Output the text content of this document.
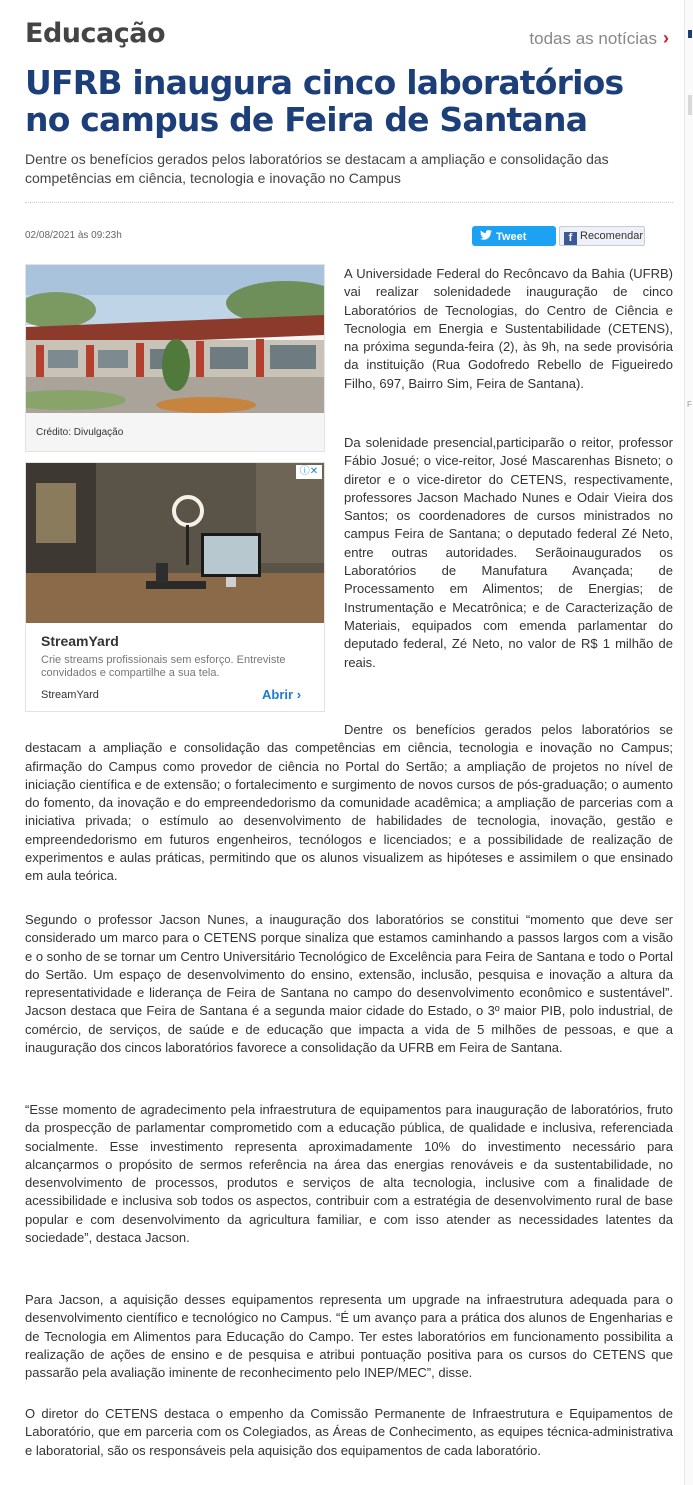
F
Educação	todas as notícias ›
UFRB inaugura cinco laboratórios no campus de Feira de Santana

Dentre os benefícios gerados pelos laboratórios se destacam a ampliação e consolidação das competências em ciência, tecnologia e inovação no Campus

02/08/2021 às 09:23h	Tweet	f Recomendar
Crédito: Divulgação
ⓘ✕
StreamYard

Crie streams profissionais sem esforço. Entreviste convidados e compartilhe a sua tela.

StreamYard	Abrir ›

A Universidade Federal do Recôncavo da Bahia (UFRB) vai realizar solenidadede inauguração de cinco Laboratórios de Tecnologias, do Centro de Ciência e Tecnologia em Energia e Sustentabilidade (CETENS), na próxima segunda-feira (2), às 9h, na sede provisória da instituição (Rua Godofredo Rebello de Figueiredo Filho, 697, Bairro Sim, Feira de Santana).

Da solenidade presencial,participarão o reitor, professor Fábio Josué; o vice-reitor, José Mascarenhas Bisneto; o diretor e o vice-diretor do CETENS, respectivamente, professores Jacson Machado Nunes e Odair Vieira dos Santos; os coordenadores de cursos ministrados no campus Feira de Santana; o deputado federal Zé Neto, entre outras autoridades. Serãoinaugurados os Laboratórios de Manufatura Avançada; de Processamento em Alimentos; de Energias; de Instrumentação e Mecatrônica; e de Caracterização de Materiais, equipados com emenda parlamentar do deputado federal, Zé Neto, no valor de R$ 1 milhão de reais.

Dentre os benefícios gerados pelos laboratórios se destacam a ampliação e consolidação das competências em ciência, tecnologia e inovação no Campus; afirmação do Campus como provedor de ciência no Portal do Sertão; a ampliação de projetos no nível de iniciação científica e de extensão; o fortalecimento e surgimento de novos cursos de pós-graduação; o aumento do fomento, da inovação e do empreendedorismo da comunidade acadêmica; a ampliação de parcerias com a iniciativa privada; o estímulo ao desenvolvimento de habilidades de tecnologia, inovação, gestão e empreendedorismo em futuros engenheiros, tecnólogos e licenciados; e a possibilidade de realização de experimentos e aulas práticas, permitindo que os alunos visualizem as hipóteses e assimilem o que ensinado em aula teórica.

Segundo o professor Jacson Nunes, a inauguração dos laboratórios se constitui “momento que deve ser considerado um marco para o CETENS porque sinaliza que estamos caminhando a passos largos com a visão e o sonho de se tornar um Centro Universitário Tecnológico de Excelência para Feira de Santana e todo o Portal do Sertão. Um espaço de desenvolvimento do ensino, extensão, inclusão, pesquisa e inovação a altura da representatividade e liderança de Feira de Santana no campo do desenvolvimento econômico e sustentável”. Jacson destaca que Feira de Santana é a segunda maior cidade do Estado, o 3º maior PIB, polo industrial, de comércio, de serviços, de saúde e de educação que impacta a vida de 5 milhões de pessoas, e que a inauguração dos cincos laboratórios favorece a consolidação da UFRB em Feira de Santana.

“Esse momento de agradecimento pela infraestrutura de equipamentos para inauguração de laboratórios, fruto da prospecção de parlamentar comprometido com a educação pública, de qualidade e inclusiva, referenciada socialmente. Esse investimento representa aproximadamente 10% do investimento necessário para alcançarmos o propósito de sermos referência na área das energias renováveis e da sustentabilidade, no desenvolvimento de processos, produtos e serviços de alta tecnologia, inclusive com a finalidade de acessibilidade e inclusiva sob todos os aspectos, contribuir com a estratégia de desenvolvimento rural de base popular e com desenvolvimento da agricultura familiar, e com isso atender as necessidades latentes da sociedade”, destaca Jacson.

Para Jacson, a aquisição desses equipamentos representa um upgrade na infraestrutura adequada para o desenvolvimento científico e tecnológico no Campus. “É um avanço para a prática dos alunos de Engenharias e de Tecnologia em Alimentos para Educação do Campo. Ter estes laboratórios em funcionamento possibilita a realização de ações de ensino e de pesquisa e atribui pontuação positiva para os cursos do CETENS que passarão pela avaliação iminente de reconhecimento pelo INEP/MEC”, disse.

O diretor do CETENS destaca o empenho da Comissão Permanente de Infraestrutura e Equipamentos de Laboratório, que em parceria com os Colegiados, as Áreas de Conhecimento, as equipes técnica-administrativa e laboratorial, são os responsáveis pela aquisição dos equipamentos de cada laboratório.
